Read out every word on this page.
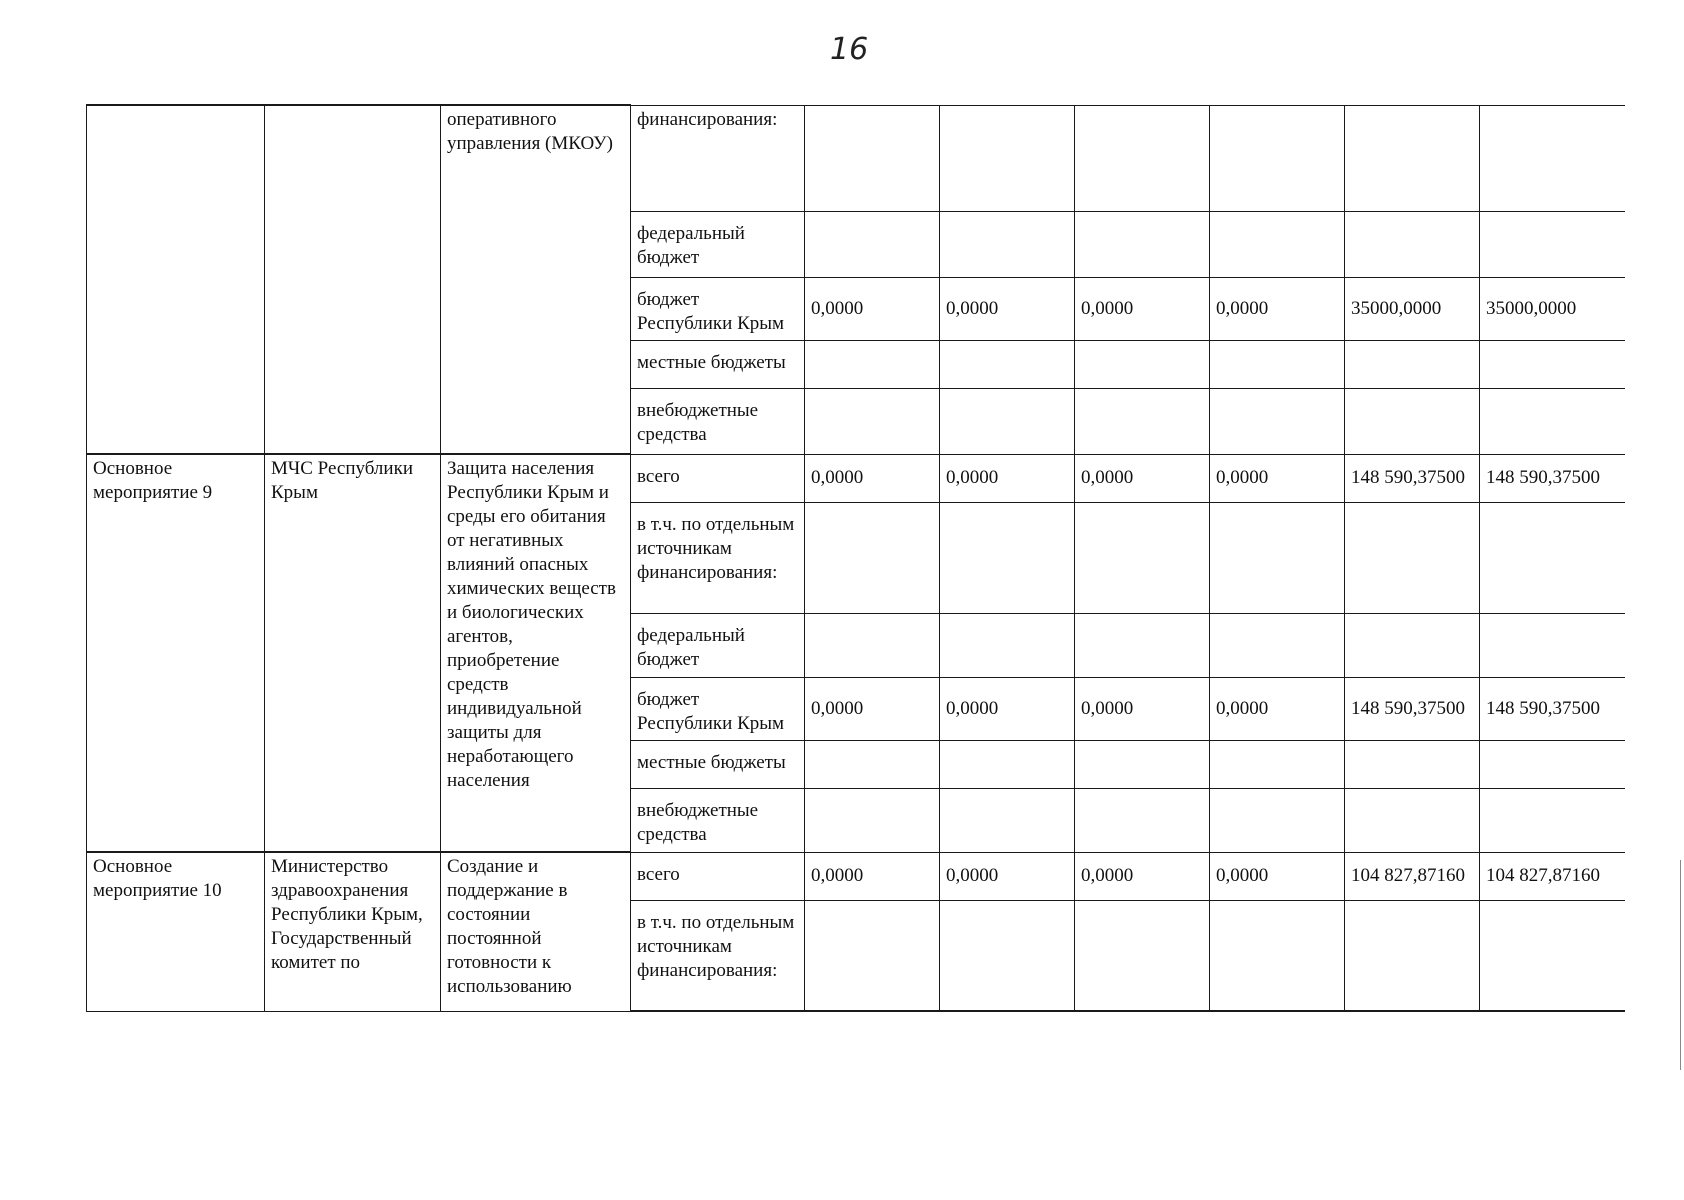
16
		оперативного управления (МКОУ)	финансирования:						
			федеральный бюджет						
			бюджет Республики Крым	0,0000	0,0000	0,0000	0,0000	35000,0000	35000,0000
			местные бюджеты						
			внебюджетные средства						
Основное мероприятие 9	МЧС Республики Крым	Защита населения Республики Крым и среды его обитания от негативных влияний опасных химических веществ и биологических агентов, приобретение средств индивидуальной защиты для неработающего населения	всего	0,0000	0,0000	0,0000	0,0000	148 590,37500	148 590,37500
			в т.ч. по отдельным источникам финансирования:						
			федеральный бюджет						
			бюджет Республики Крым	0,0000	0,0000	0,0000	0,0000	148 590,37500	148 590,37500
			местные бюджеты						
			внебюджетные средства						
Основное мероприятие 10	Министерство здравоохранения Республики Крым, Государственный комитет по	Создание и поддержание в состоянии постоянной готовности к использованию	всего	0,0000	0,0000	0,0000	0,0000	104 827,87160	104 827,87160
			в т.ч. по отдельным источникам финансирования:						
